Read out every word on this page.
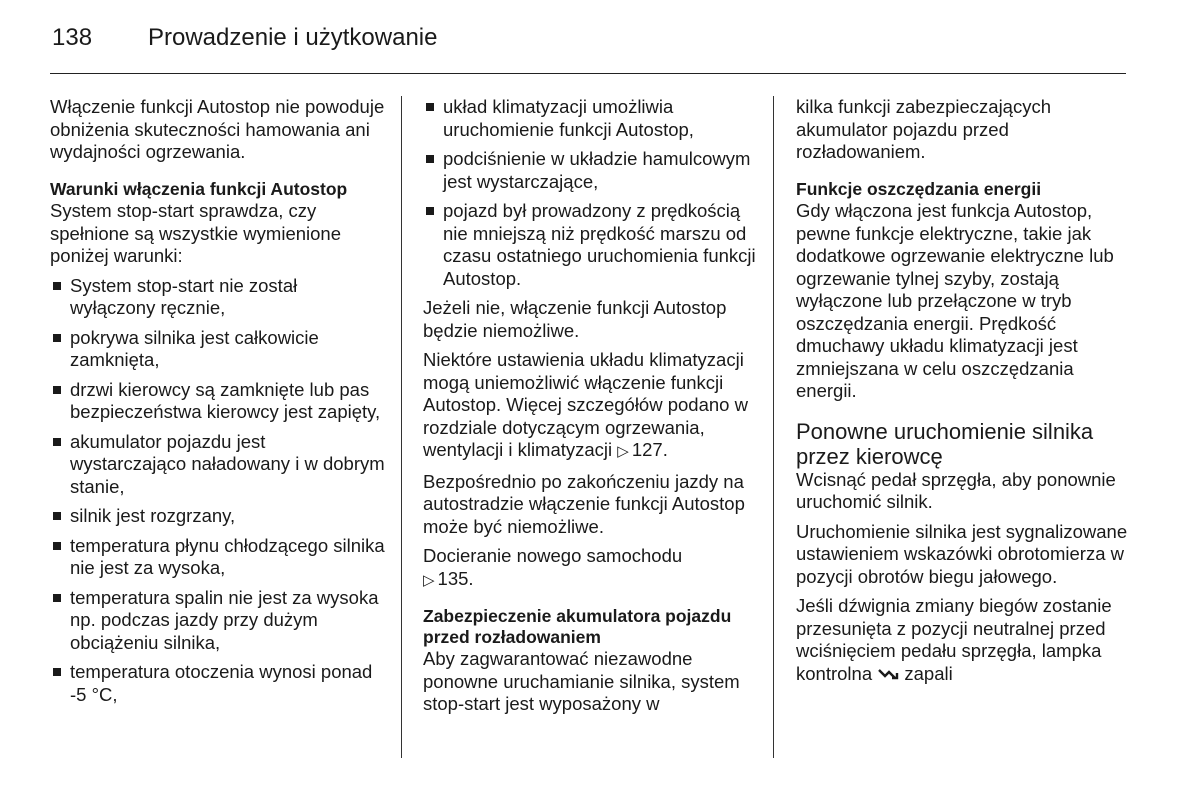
138	Prowadzenie i użytkowanie

Włączenie funkcji Autostop nie powoduje obniżenia skuteczności hamowania ani wydajności ogrzewania.

Warunki włączenia funkcji Autostop

System stop-start sprawdza, czy spełnione są wszystkie wymienione poniżej warunki:

System stop-start nie został wyłączony ręcznie,
pokrywa silnika jest całkowicie zamknięta,
drzwi kierowcy są zamknięte lub pas bezpieczeństwa kierowcy jest zapięty,
akumulator pojazdu jest wystarczająco naładowany i w dobrym stanie,
silnik jest rozgrzany,
temperatura płynu chłodzącego silnika nie jest za wysoka,
temperatura spalin nie jest za wysoka np. podczas jazdy przy dużym obciążeniu silnika,
temperatura otoczenia wynosi ponad -5 °C,
układ klimatyzacji umożliwia uruchomienie funkcji Autostop,
podciśnienie w układzie hamulcowym jest wystarczające,
pojazd był prowadzony z prędkością nie mniejszą niż prędkość marszu od czasu ostatniego uruchomienia funkcji Autostop.

Jeżeli nie, włączenie funkcji Autostop będzie niemożliwe.

Niektóre ustawienia układu klimatyzacji mogą uniemożliwić włączenie funkcji Autostop. Więcej szczegółów podano w rozdziale dotyczącym ogrzewania, wentylacji i klimatyzacji ▷ 127.

Bezpośrednio po zakończeniu jazdy na autostradzie włączenie funkcji Autostop może być niemożliwe.

Docieranie nowego samochodu
▷ 135.

Zabezpieczenie akumulatora pojazdu przed rozładowaniem

Aby zagwarantować niezawodne ponowne uruchamianie silnika, system stop-start jest wyposażony w

kilka funkcji zabezpieczających akumulator pojazdu przed rozładowaniem.

Funkcje oszczędzania energii

Gdy włączona jest funkcja Autostop, pewne funkcje elektryczne, takie jak dodatkowe ogrzewanie elektryczne lub ogrzewanie tylnej szyby, zostają wyłączone lub przełączone w tryb oszczędzania energii. Prędkość dmuchawy układu klimatyzacji jest zmniejszana w celu oszczędzania energii.

Ponowne uruchomienie silnika przez kierowcę

Wcisnąć pedał sprzęgła, aby ponownie uruchomić silnik.

Uruchomienie silnika jest sygnalizowane ustawieniem wskazówki obrotomierza w pozycji obrotów biegu jałowego.

Jeśli dźwignia zmiany biegów zostanie przesunięta z pozycji neutralnej przed wciśnięciem pedału sprzęgła, lampka kontrolna zapali
